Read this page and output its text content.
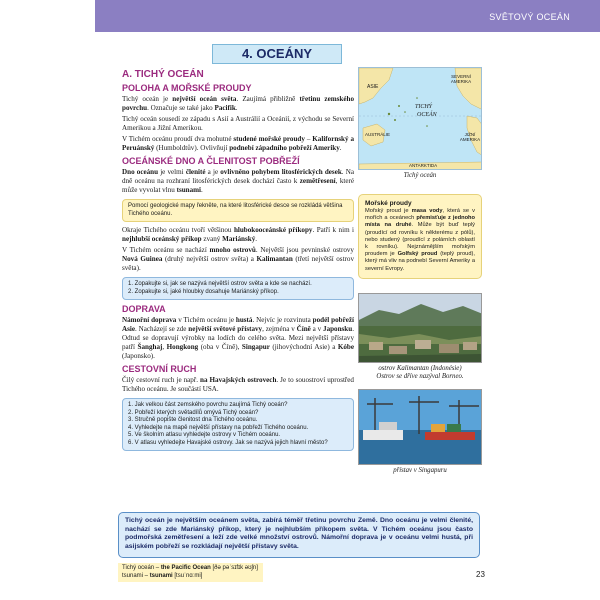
SVĚTOVÝ OCEÁN
4. OCEÁNY
A. TICHÝ OCEÁN
POLOHA A MOŘSKÉ PROUDY

Tichý oceán je největší oceán světa. Zaujímá přibližně třetinu zemského povrchu. Označuje se také jako Pacifik.

Tichý oceán sousedí ze západu s Asií a Austrálií a Oceánií, z východu se Severní Amerikou a Jižní Amerikou.

V Tichém oceánu proudí dva mohutné studené mořské proudy – Kalifornský a Peruánský (Humboldtův). Ovlivňují podnebí západního pobřeží Ameriky.

OCEÁNSKÉ DNO A ČLENITOST POBŘEŽÍ

Dno oceánu je velmi členité a je ovlivněno pohybem litosférických desek. Na dně oceánu na rozhraní litosférických desek dochází často k zemětřesení, které může vyvolat vlnu tsunami.

Pomocí geologické mapy řekněte, na které litosférické desce se rozkládá většina Tichého oceánu.

Okraje Tichého oceánu tvoří většinou hlubokooceánské příkopy. Patří k nim i nejhlubší oceánský příkop zvaný Mariánský.

V Tichém oceánu se nachází mnoho ostrovů. Největší jsou pevninské ostrovy Nová Guinea (druhý největší ostrov světa) a Kalimantan (třetí největší ostrov světa).

1. Zopakujte si, jak se nazývá největší ostrov světa a kde se nachází.
2. Zopakujte si, jaké hloubky dosahuje Mariánský příkop.
DOPRAVA

Námořní doprava v Tichém oceánu je hustá. Nejvíc je rozvinuta podél pobřeží Asie. Nacházejí se zde největší světové přístavy, zejména v Číně a v Japonsku. Odtud se dopravují výrobky na lodích do celého světa. Mezi největší přístavy patří Šanghaj, Hongkong (oba v Číně), Singapur (jihovýchodní Asie) a Kóbe (Japonsko).

CESTOVNÍ RUCH

Čilý cestovní ruch je např. na Havajských ostrovech. Je to souostroví uprostřed Tichého oceánu. Je součástí USA.

1. Jak velkou část zemského povrchu zaujímá Tichý oceán?
2. Pobřeží kterých světadílů omývá Tichý oceán?
3. Stručně popište členitost dna Tichého oceánu.
4. Vyhledejte na mapě největší přístavy na pobřeží Tichého oceánu.
5. Ve školním atlasu vyhledejte ostrovy v Tichém oceánu.
6. V atlasu vyhledejte Havajské ostrovy. Jak se nazývá jejich hlavní město?
ASIE
SEVERNÍ AMERIKA
TICHÝ
OCEÁN
AUSTRÁLIE	JIŽNÍ AMERIKA
ANTARKTIDA
Tichý oceán
Mořské proudy
Mořský proud je masa vody, která se v mořích a oceánech přemisťuje z jednoho místa na druhé. Může být buď teplý (proudící od rovníku k některému z pólů), nebo studený (proudící z polárních oblastí k rovníku). Nejznámějším mořským proudem je Golfský proud (teplý proud), který má vliv na podnebí Severní Ameriky a severní Evropy.
ostrov Kalimantan (Indonésie)
Ostrov se dříve nazýval Borneo.
přístav v Singapuru
Tichý oceán je největším oceánem světa, zabírá téměř třetinu povrchu Země. Dno oceánu je velmi členité, nachází se zde Mariánský příkop, který je nejhlubším příkopem světa. V Tichém oceánu jsou často podmořská zemětřesení a leží zde velké množství ostrovů. Námořní doprava je v oceánu velmi hustá, při asijském pobřeží se rozkládají největší přístavy světa.
Tichý oceán – the Pacific Ocean [ðə pəˈsɪfɪk əʊʃn]
tsunami – tsunami [tsuˈnɑːmi]	23
